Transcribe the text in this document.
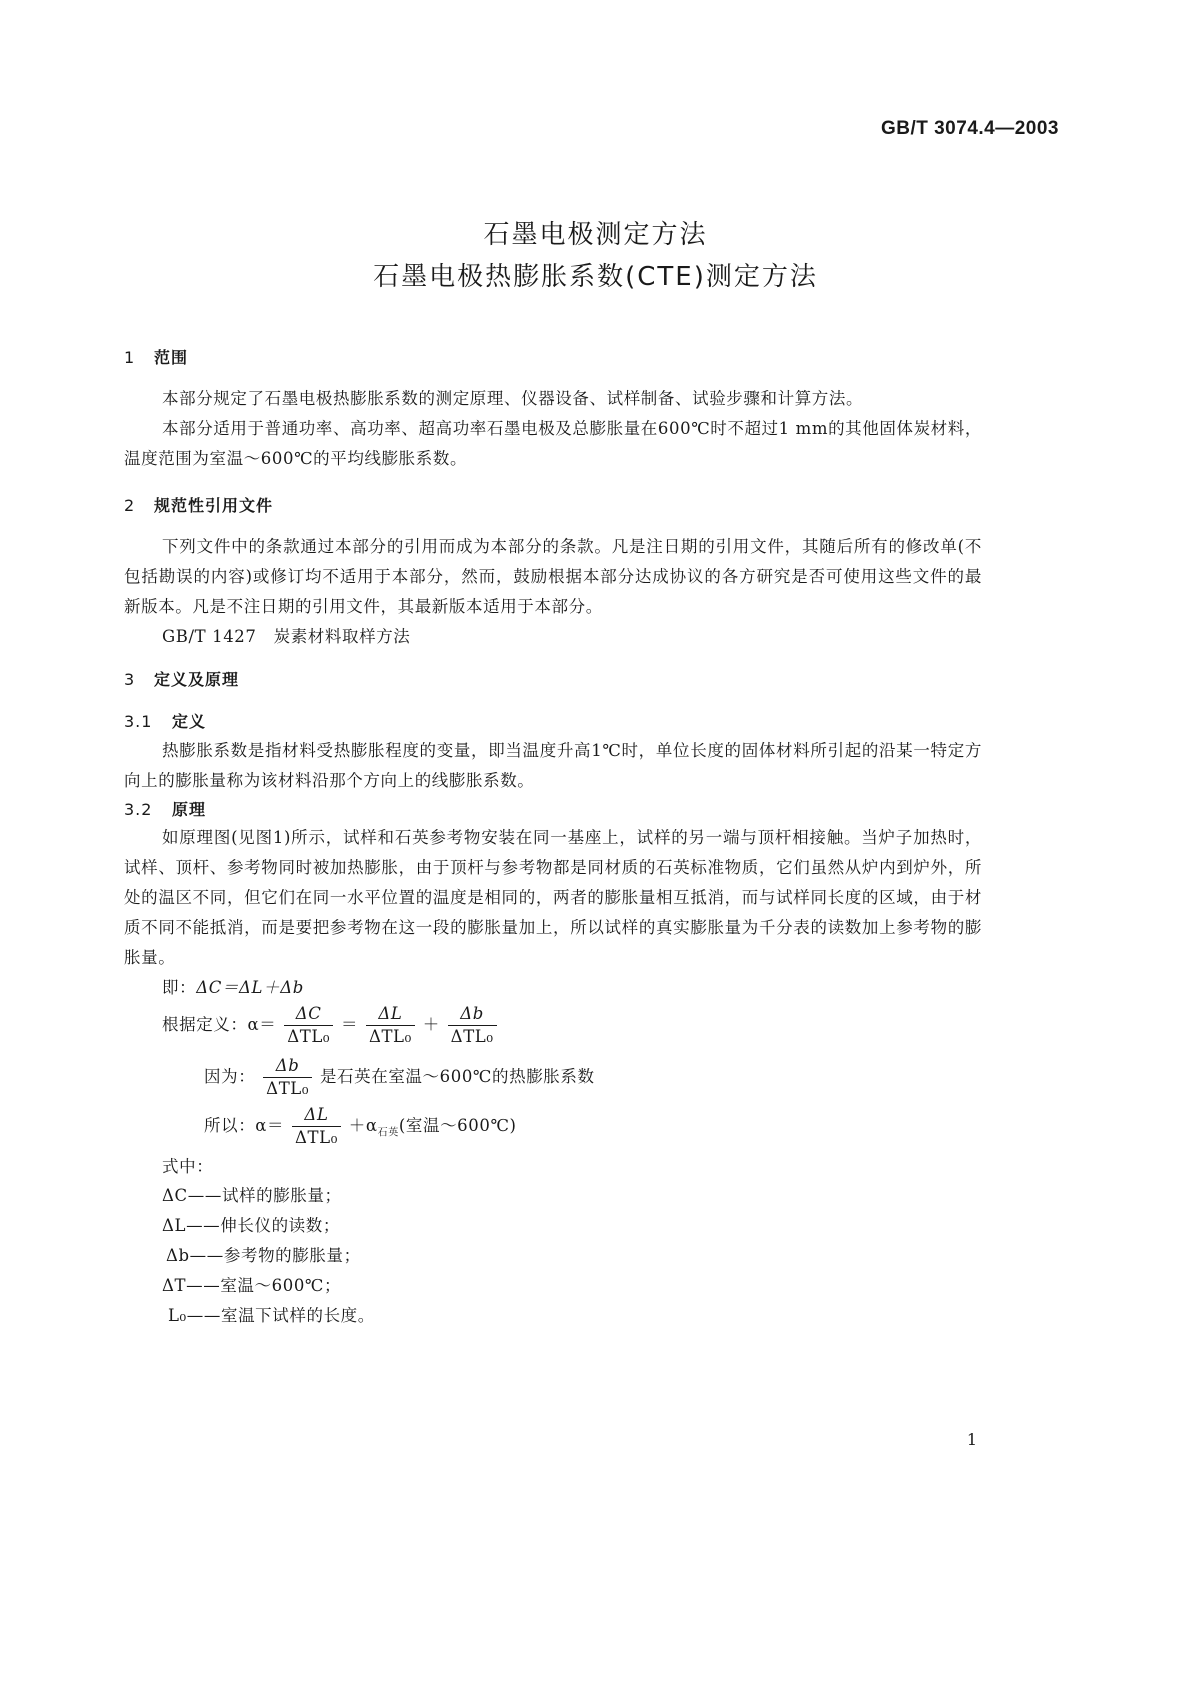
GB/T 3074.4—2003
石墨电极测定方法
石墨电极热膨胀系数(CTE)测定方法
1 范围
本部分规定了石墨电极热膨胀系数的测定原理、仪器设备、试样制备、试验步骤和计算方法。
本部分适用于普通功率、高功率、超高功率石墨电极及总膨胀量在600℃时不超过1 mm的其他固体炭材料，温度范围为室温～600℃的平均线膨胀系数。
2 规范性引用文件
下列文件中的条款通过本部分的引用而成为本部分的条款。凡是注日期的引用文件，其随后所有的修改单(不包括勘误的内容)或修订均不适用于本部分，然而，鼓励根据本部分达成协议的各方研究是否可使用这些文件的最新版本。凡是不注日期的引用文件，其最新版本适用于本部分。
GB/T 1427　炭素材料取样方法
3 定义及原理
3.1 定义
热膨胀系数是指材料受热膨胀程度的变量，即当温度升高1℃时，单位长度的固体材料所引起的沿某一特定方向上的膨胀量称为该材料沿那个方向上的线膨胀系数。
3.2 原理
如原理图(见图1)所示，试样和石英参考物安装在同一基座上，试样的另一端与顶杆相接触。当炉子加热时，试样、顶杆、参考物同时被加热膨胀，由于顶杆与参考物都是同材质的石英标准物质，它们虽然从炉内到炉外，所处的温区不同，但它们在同一水平位置的温度是相同的，两者的膨胀量相互抵消，而与试样同长度的区域，由于材质不同不能抵消，而是要把参考物在这一段的膨胀量加上，所以试样的真实膨胀量为千分表的读数加上参考物的膨胀量。
即：ΔC＝ΔL＋Δb
根据定义：$\alpha= \frac{\Delta C}{\text{ΔTL₀}} = \frac{\Delta L}{\text{ΔTL₀}} + \frac{\Delta b}{\text{ΔTL₀}}$
因为： $\frac{\Delta b}{\text{ΔTL₀}}$ 是石英在室温～600℃的热膨胀系数
所以：$\alpha= \frac{\Delta L}{\text{ΔTL₀}} +\alpha_{石英}$(室温～600℃)
式中：
ΔC——试样的膨胀量；
ΔL——伸长仪的读数；
Δb——参考物的膨胀量；
ΔT——室温～600℃；
L₀——室温下试样的长度。
1
